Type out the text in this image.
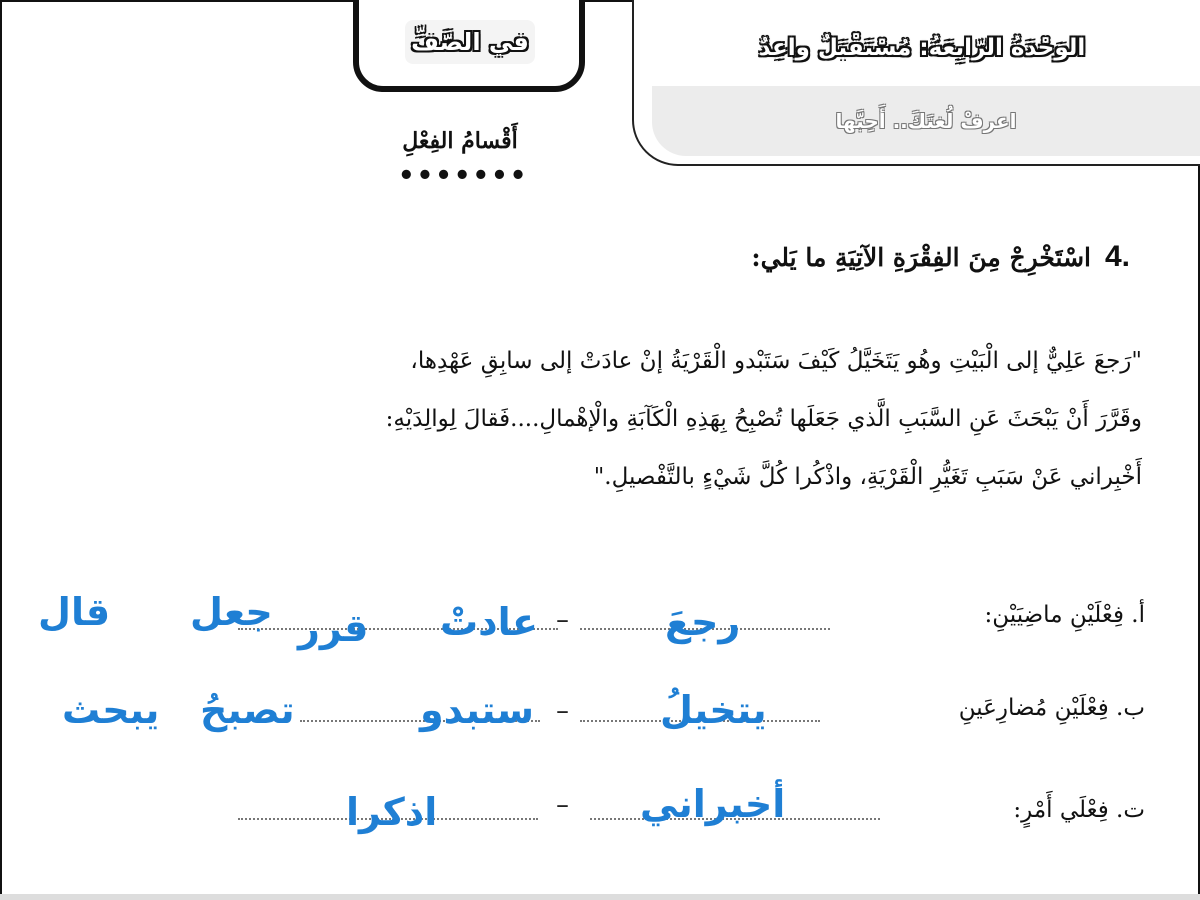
في الصَّفِّ
أَقْسامُ الفِعْلِ
•••••••
الوَحْدَةُ الرّابِعَةُ: مُسْتَقْبَلٌ واعِدٌ
اعرفْ لُغتَكَ.. أَحِبَّها
4.
اسْتَخْرِجْ مِنَ الفِقْرَةِ الآتِيَةِ ما يَلي:
"رَجعَ عَلِيٌّ إلى الْبَيْتِ وهُو يَتَخَيَّلُ كَيْفَ سَتَبْدو الْقَرْيَةُ إنْ عادَتْ إلى سابِقِ عَهْدِها،
وقَرَّرَ أَنْ يَبْحَثَ عَنِ السَّبَبِ الَّذي جَعَلَها تُصْبِحُ بِهَذِهِ الْكَآبَةِ والْإهْمالِ....فَقالَ لِوالِدَيْهِ:
أَخْبِراني عَنْ سَبَبِ تَغَيُّرِ الْقَرْيَةِ، واذْكُرا كُلَّ شَيْءٍ بالتَّفْصيلِ."
أ. فِعْلَيْنِ ماضِيَيْنِ:
–	رجعَ
عادتْ
قرر
جعل
قال
ب. فِعْلَيْنِ مُضارِعَينِ
– يتخيلُ
ستبدو
تصبحُ
يبحث
ت. فِعْلَي أَمْرٍ:
– أخبراني
اذكرا
